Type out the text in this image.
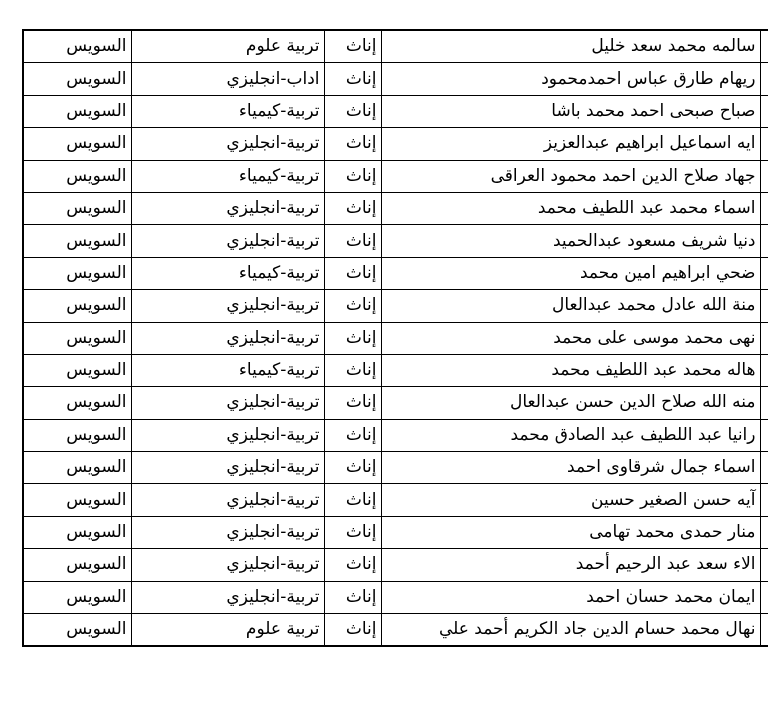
السويس	تربية علوم	إناث	سالمه محمد سعد خليل	
السويس	اداب-انجليزي	إناث	ريهام طارق عباس احمدمحمود	
السويس	تربية-كيمياء	إناث	صباح صبحى احمد محمد باشا	
السويس	تربية-انجليزي	إناث	ايه اسماعيل ابراهيم عبدالعزيز	
السويس	تربية-كيمياء	إناث	جهاد صلاح الدين احمد محمود العراقى	
السويس	تربية-انجليزي	إناث	اسماء محمد عبد اللطيف محمد	
السويس	تربية-انجليزي	إناث	دنيا شريف مسعود عبدالحميد	
السويس	تربية-كيمياء	إناث	ضحي ابراهيم امين محمد	
السويس	تربية-انجليزي	إناث	منة الله عادل محمد عبدالعال	
السويس	تربية-انجليزي	إناث	نهى محمد موسى على محمد	
السويس	تربية-كيمياء	إناث	هاله محمد عبد اللطيف محمد	
السويس	تربية-انجليزي	إناث	منه الله صلاح الدين حسن عبدالعال	
السويس	تربية-انجليزي	إناث	رانيا عبد اللطيف عبد الصادق محمد	
السويس	تربية-انجليزي	إناث	اسماء جمال شرقاوى احمد	
السويس	تربية-انجليزي	إناث	آيه حسن الصغير حسين	
السويس	تربية-انجليزي	إناث	منار حمدى محمد تهامى	
السويس	تربية-انجليزي	إناث	الاء سعد عبد الرحيم أحمد	
السويس	تربية-انجليزي	إناث	ايمان محمد حسان احمد	
السويس	تربية علوم	إناث	نهال محمد حسام الدين جاد الكريم أحمد علي	
